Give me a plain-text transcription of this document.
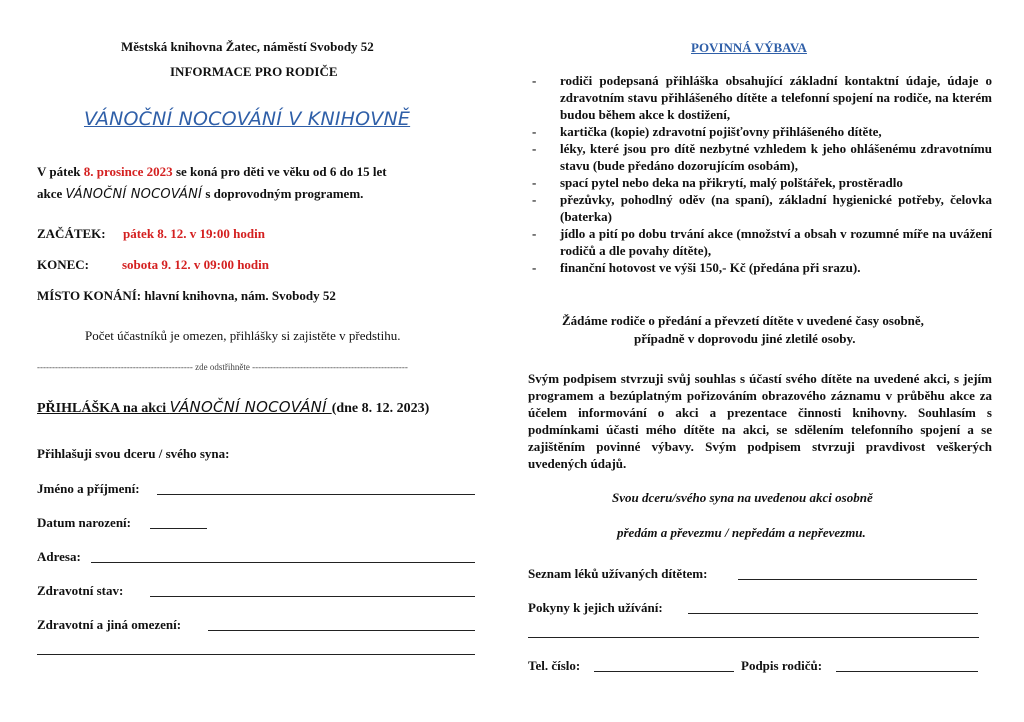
Městská knihovna Žatec, náměstí Svobody 52
INFORMACE PRO RODIČE
VÁNOČNÍ NOCOVÁNÍ V KNIHOVNĚ
V pátek 8. prosince 2023 se koná pro děti ve věku od 6 do 15 let
akce VÁNOČNÍ NOCOVÁNÍ s doprovodným programem.
ZAČÁTEK: pátek 8. 12. v 19:00 hodin
KONEC:	sobota 9. 12. v 09:00 hodin
MÍSTO KONÁNÍ: hlavní knihovna, nám. Svobody 52
Počet účastníků je omezen, přihlášky si zajistěte v předstihu.
---------------------------------------------------- zde odstřihněte ----------------------------------------------------
PŘIHLÁŠKA na akci VÁNOČNÍ NOCOVÁNÍ (dne 8. 12. 2023)
Přihlašuji svou dceru / svého syna:
Jméno a příjmení:
Datum narození:
Adresa:
Zdravotní stav:
Zdravotní a jiná omezení:
POVINNÁ VÝBAVA
- rodiči podepsaná přihláška obsahující základní kontaktní údaje, údaje o zdravotním stavu přihlášeného dítěte a telefonní spojení na rodiče, na kterém budou během akce k dostižení,
- kartička (kopie) zdravotní pojišťovny přihlášeného dítěte,
- léky, které jsou pro dítě nezbytné vzhledem k jeho ohlášenému zdravotnímu stavu (bude předáno dozorujícím osobám),
- spací pytel nebo deka na přikrytí, malý polštářek, prostěradlo
- přezůvky, pohodlný oděv (na spaní), základní hygienické potřeby, čelovka (baterka)
- jídlo a pití po dobu trvání akce (množství a obsah v rozumné míře na uvážení rodičů a dle povahy dítěte),
- finanční hotovost ve výši 150,- Kč (předána při srazu).
Žádáme rodiče o předání a převzetí dítěte v uvedené časy osobně,
případně v doprovodu jiné zletilé osoby.
Svým podpisem stvrzuji svůj souhlas s účastí svého dítěte na uvedené akci, s jejím programem a bezúplatným pořizováním obrazového záznamu v průběhu akce za účelem informování o akci a prezentace činnosti knihovny. Souhlasím s podmínkami účasti mého dítěte na akci, se sdělením telefonního spojení a se zajištěním povinné výbavy. Svým podpisem stvrzuji pravdivost veškerých uvedených údajů.
Svou dceru/svého syna na uvedenou akci osobně
předám a převezmu / nepředám a nepřevezmu.
Seznam léků užívaných dítětem:
Pokyny k jejich užívání:
Tel. číslo:	Podpis rodičů:
